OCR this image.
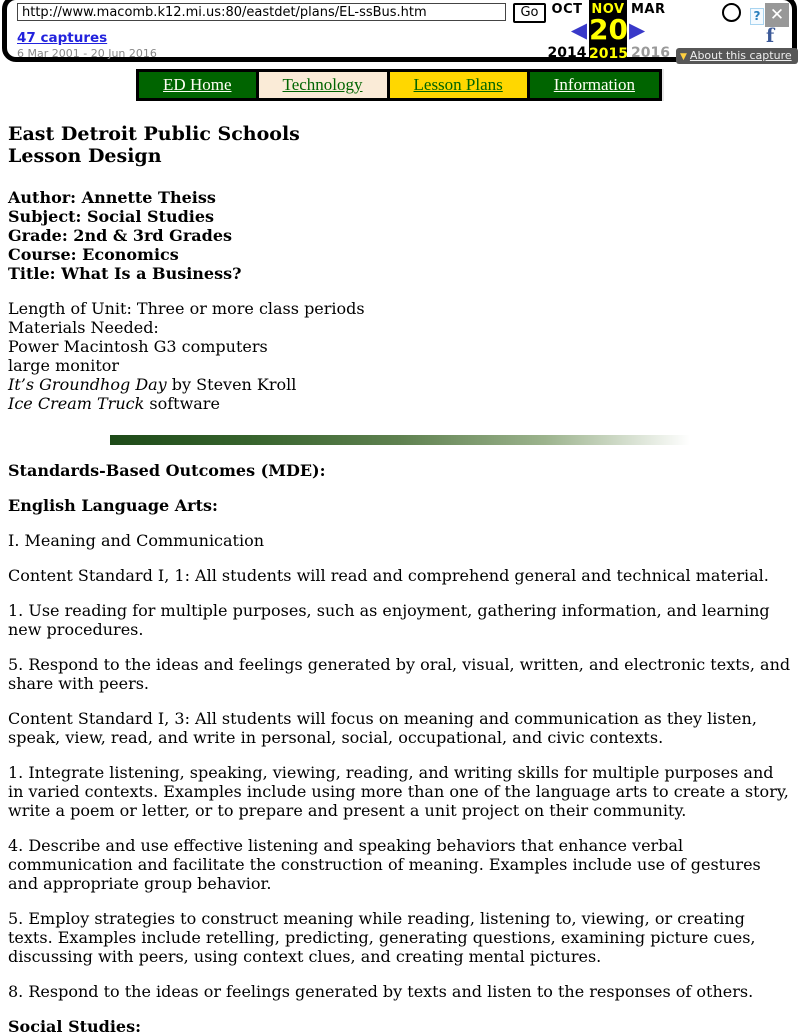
http://www.macomb.k12.mi.us:80/eastdet/plans/EL-ssBus.htm
Go
47 captures
6 Mar 2001 - 20 Jun 2016
OCT
◀
2014
NOV
20
2015
MAR
▶
2016
? ✕
f
▼ About this capture
ED Home	Technology	Lesson Plans	Information
East Detroit Public Schools
Lesson Design

Author: Annette Theiss
Subject: Social Studies
Grade: 2nd & 3rd Grades
Course: Economics
Title: What Is a Business?

Length of Unit: Three or more class periods
Materials Needed:
Power Macintosh G3 computers
large monitor
It’s Groundhog Day by Steven Kroll
Ice Cream Truck software

Standards-Based Outcomes (MDE):

English Language Arts:

I. Meaning and Communication

Content Standard I, 1: All students will read and comprehend general and technical material.

1. Use reading for multiple purposes, such as enjoyment, gathering information, and learning new procedures.

5. Respond to the ideas and feelings generated by oral, visual, written, and electronic texts, and share with peers.

Content Standard I, 3: All students will focus on meaning and communication as they listen, speak, view, read, and write in personal, social, occupational, and civic contexts.

1. Integrate listening, speaking, viewing, reading, and writing skills for multiple purposes and in varied contexts. Examples include using more than one of the language arts to create a story, write a poem or letter, or to prepare and present a unit project on their community.

4. Describe and use effective listening and speaking behaviors that enhance verbal communication and facilitate the construction of meaning. Examples include use of gestures and appropriate group behavior.

5. Employ strategies to construct meaning while reading, listening to, viewing, or creating texts. Examples include retelling, predicting, generating questions, examining picture cues, discussing with peers, using context clues, and creating mental pictures.

8. Respond to the ideas or feelings generated by texts and listen to the responses of others.

Social Studies:
